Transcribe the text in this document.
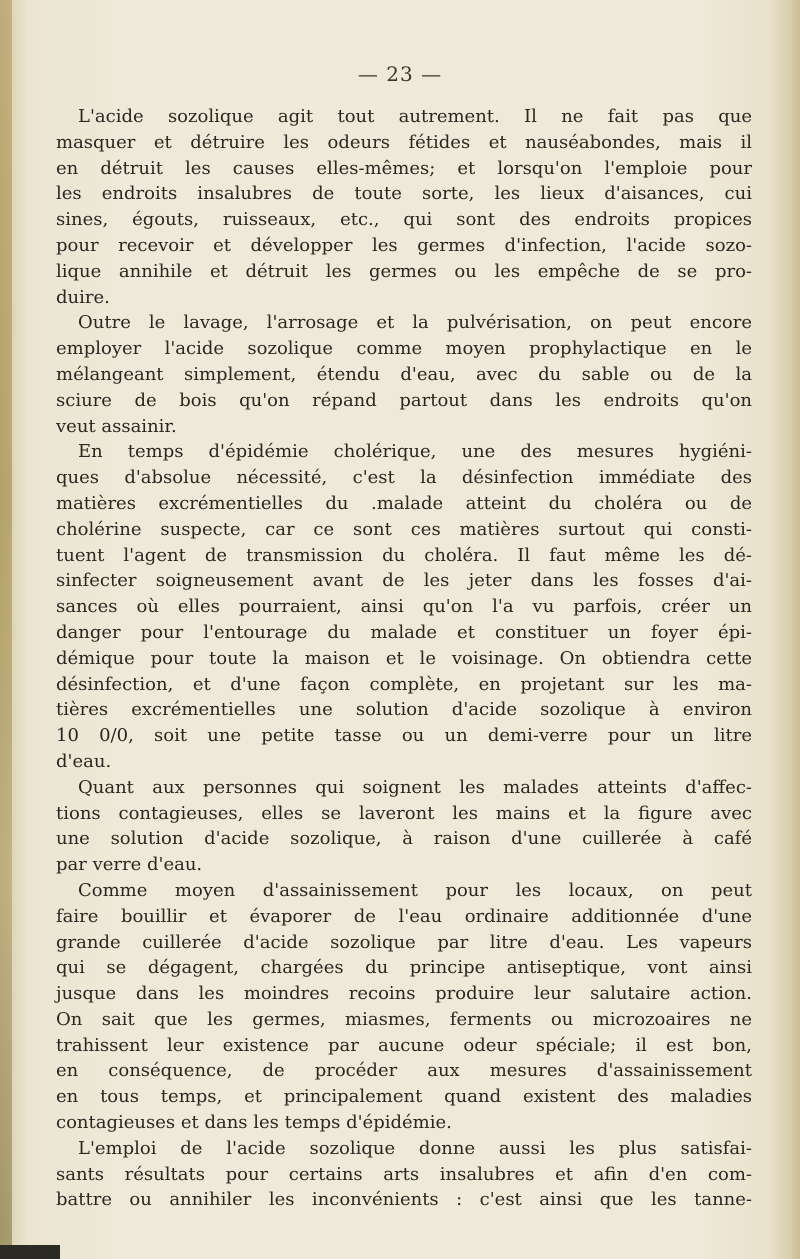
— 23 —

L'acide sozolique agit tout autrement. Il ne fait pas que

masquer et détruire les odeurs fétides et nauséabondes, mais il

en détruit les causes elles-mêmes; et lorsqu'on l'emploie pour

les endroits insalubres de toute sorte, les lieux d'aisances, cui

sines, égouts, ruisseaux, etc., qui sont des endroits propices

pour recevoir et développer les germes d'infection, l'acide sozo-

lique annihile et détruit les germes ou les empêche de se pro-

duire.

Outre le lavage, l'arrosage et la pulvérisation, on peut encore

employer l'acide sozolique comme moyen prophylactique en le

mélangeant simplement, étendu d'eau, avec du sable ou de la

sciure de bois qu'on répand partout dans les endroits qu'on

veut assainir.

En temps d'épidémie cholérique, une des mesures hygiéni-

ques d'absolue nécessité, c'est la désinfection immédiate des

matières excrémentielles du .malade atteint du choléra ou de

cholérine suspecte, car ce sont ces matières surtout qui consti-

tuent l'agent de transmission du choléra. Il faut même les dé-

sinfecter soigneusement avant de les jeter dans les fosses d'ai-

sances où elles pourraient, ainsi qu'on l'a vu parfois, créer un

danger pour l'entourage du malade et constituer un foyer épi-

démique pour toute la maison et le voisinage. On obtiendra cette

désinfection, et d'une façon complète, en projetant sur les ma-

tières excrémentielles une solution d'acide sozolique à environ

10 0/0, soit une petite tasse ou un demi-verre pour un litre

d'eau.

Quant aux personnes qui soignent les malades atteints d'affec-

tions contagieuses, elles se laveront les mains et la figure avec

une solution d'acide sozolique, à raison d'une cuillerée à café

par verre d'eau.

Comme moyen d'assainissement pour les locaux, on peut

faire bouillir et évaporer de l'eau ordinaire additionnée d'une

grande cuillerée d'acide sozolique par litre d'eau. Les vapeurs

qui se dégagent, chargées du principe antiseptique, vont ainsi

jusque dans les moindres recoins produire leur salutaire action.

On sait que les germes, miasmes, ferments ou microzoaires ne

trahissent leur existence par aucune odeur spéciale; il est bon,

en conséquence, de procéder aux mesures d'assainissement

en tous temps, et principalement quand existent des maladies

contagieuses et dans les temps d'épidémie.

L'emploi de l'acide sozolique donne aussi les plus satisfai-

sants résultats pour certains arts insalubres et afin d'en com-

battre ou annihiler les inconvénients : c'est ainsi que les tanne-
